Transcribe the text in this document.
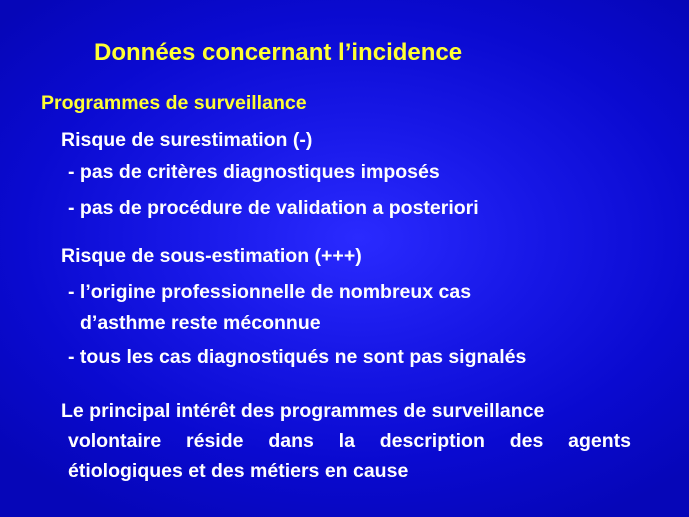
Données concernant l’incidence
Programmes de surveillance
Risque de surestimation (-)
- pas de critères diagnostiques imposés
- pas de procédure de validation a posteriori
Risque de sous-estimation (+++)
- l’origine professionnelle de nombreux cas
d’asthme reste méconnue
- tous les cas diagnostiqués ne sont pas signalés
Le principal intérêt des programmes de surveillance
volontaire réside dans la description des agents
étiologiques et des métiers en cause
